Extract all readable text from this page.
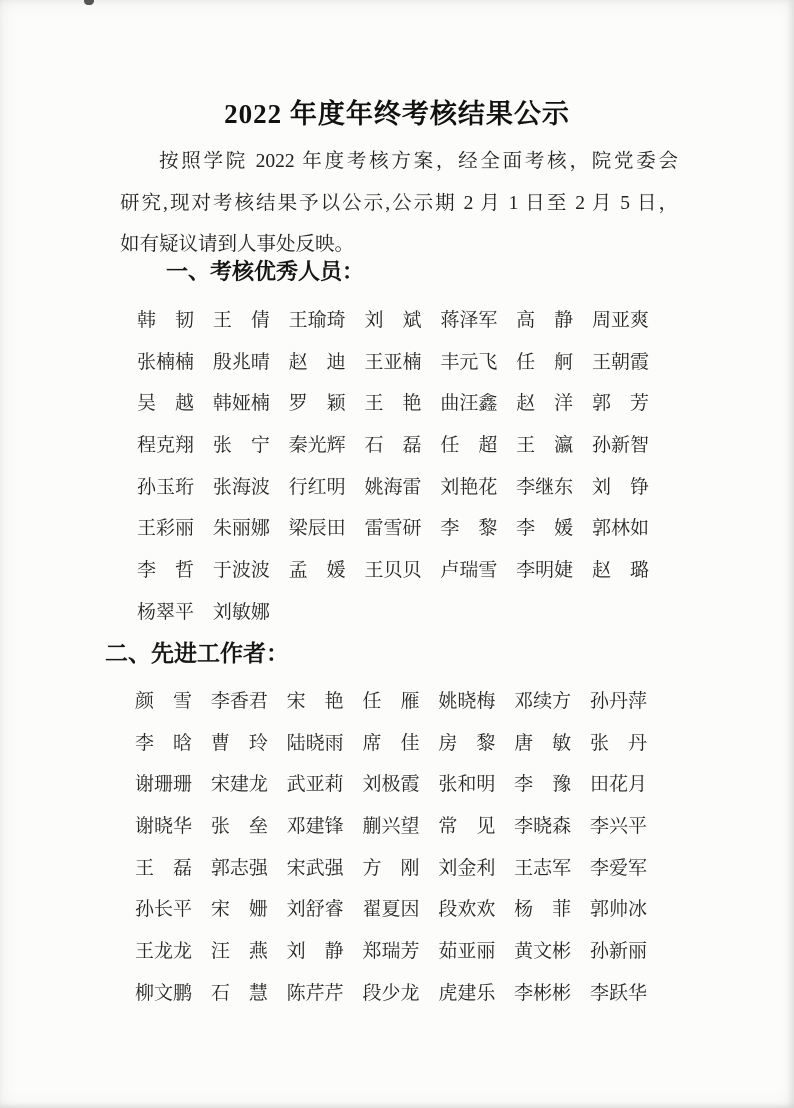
2022 年度年终考核结果公示
按照学院 2022 年度考核方案，经全面考核，院党委会
研究,现对考核结果予以公示,公示期 2 月 1 日至 2 月 5 日，
如有疑议请到人事处反映。
一、考核优秀人员：
韩　韧 王　倩 王瑜琦 刘　斌 蒋泽军 高　静 周亚爽
张楠楠 殷兆晴 赵　迪 王亚楠 丰元飞 任　舸 王朝霞
吴　越 韩娅楠 罗　颖 王　艳 曲汪鑫 赵　洋 郭　芳
程克翔 张　宁 秦光辉 石　磊 任　超 王　瀛 孙新智
孙玉珩 张海波 行红明 姚海雷 刘艳花 李继东 刘　铮
王彩丽 朱丽娜 梁辰田 雷雪研 李　黎 李　媛 郭林如
李　哲 于波波 孟　媛 王贝贝 卢瑞雪 李明婕 赵　璐
杨翠平 刘敏娜
二、先进工作者：
颜　雪 李香君 宋　艳 任　雁 姚晓梅 邓续方 孙丹萍
李　晗 曹　玲 陆晓雨 席　佳 房　黎 唐　敏 张　丹
谢珊珊 宋建龙 武亚莉 刘极霞 张和明 李　豫 田花月
谢晓华 张　垒 邓建锋 蒯兴望 常　见 李晓森 李兴平
王　磊 郭志强 宋武强 方　刚 刘金利 王志军 李爱军
孙长平 宋　姗 刘舒睿 翟夏因 段欢欢 杨　菲 郭帅冰
王龙龙 汪　燕 刘　静 郑瑞芳 茹亚丽 黄文彬 孙新丽
柳文鹏 石　慧 陈芹芹 段少龙 虎建乐 李彬彬 李跃华
